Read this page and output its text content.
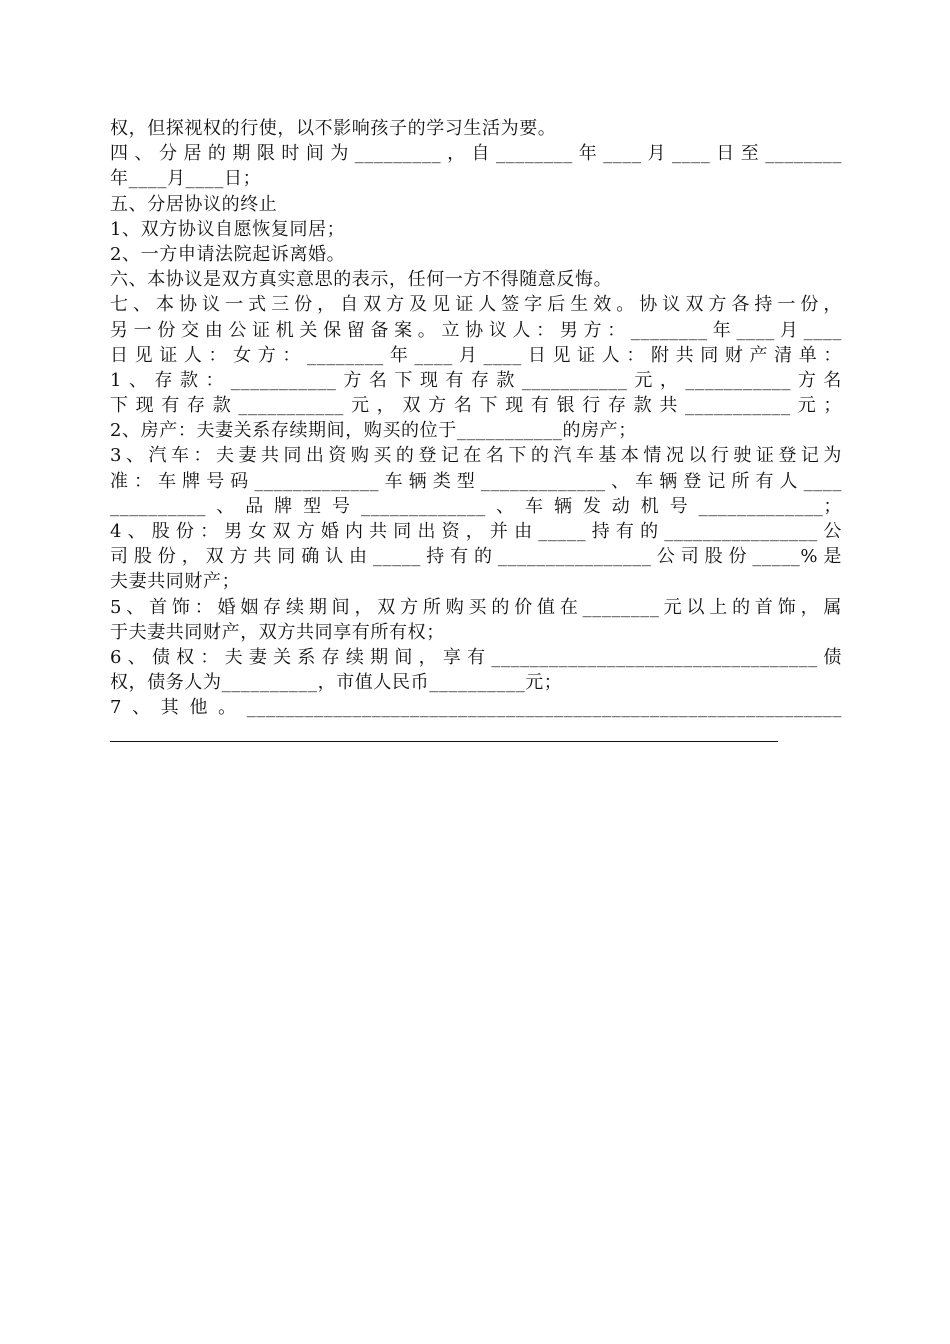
权，但探视权的行使，以不影响孩子的学习生活为要。
四、分居的期限时间为_________，自________年____月____日至________
年____月____日；
五、分居协议的终止
1、双方协议自愿恢复同居；
2、一方申请法院起诉离婚。
六、本协议是双方真实意思的表示，任何一方不得随意反悔。
七、本协议一式三份，自双方及见证人签字后生效。协议双方各持一份，
另一份交由公证机关保留备案。立协议人：男方：________年____月____
日见证人：女方：________年____月____日见证人：附共同财产清单：
1、存款：___________方名下现有存款___________元，___________方名
下现有存款___________元，双方名下现有银行存款共___________元；
2、房产：夫妻关系存续期间，购买的位于___________的房产；
3、汽车：夫妻共同出资购买的登记在名下的汽车基本情况以行驶证登记为
准：车牌号码_____________车辆类型_____________、车辆登记所有人____
__________、品牌型号_____________、车辆发动机号_____________；
4、股份：男女双方婚内共同出资，并由_____持有的________________公
司股份，双方共同确认由_____持有的________________公司股份_____%是
夫妻共同财产；
5、首饰：婚姻存续期间，双方所购买的价值在________元以上的首饰，属
于夫妻共同财产，双方共同享有所有权；
6、债权：夫妻关系存续期间，享有__________________________________债
权，债务人为__________，市值人民币__________元；
7、其他。______________________________________________________________
